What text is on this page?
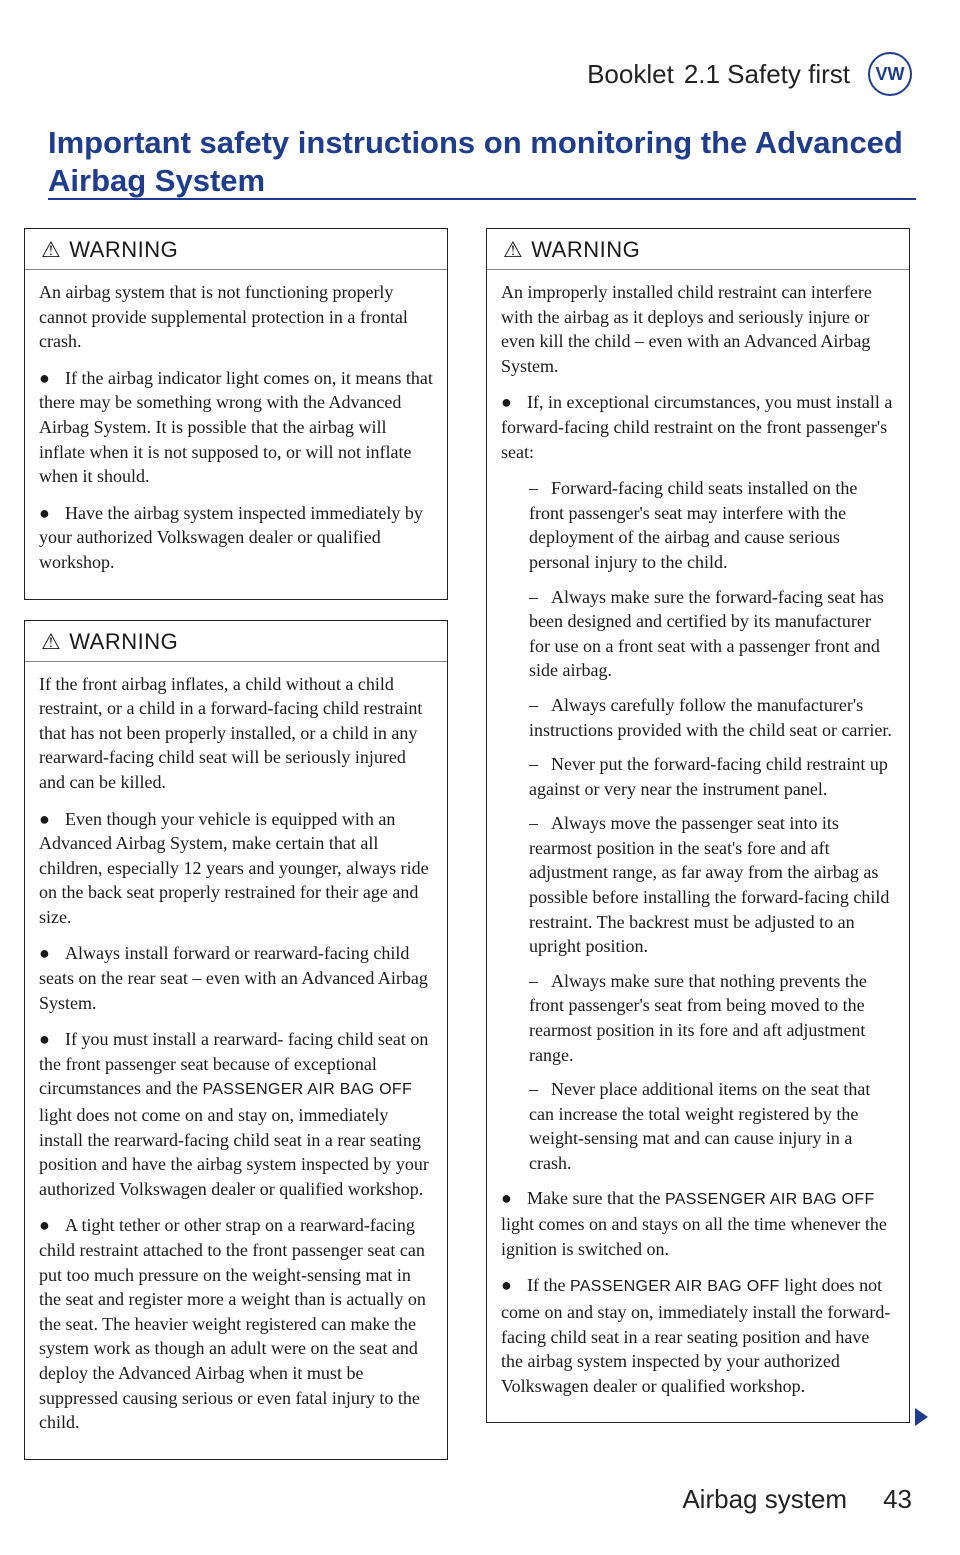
Booklet 2.1 Safety first	VW
Important safety instructions on monitoring the Advanced Airbag System
⚠ WARNING

An airbag system that is not functioning properly cannot provide supplemental protection in a frontal crash.

● If the airbag indicator light comes on, it means that there may be something wrong with the Advanced Airbag System. It is possible that the airbag will inflate when it is not supposed to, or will not inflate when it should.

● Have the airbag system inspected immediately by your authorized Volkswagen dealer or qualified workshop.

⚠ WARNING

If the front airbag inflates, a child without a child restraint, or a child in a forward-facing child restraint that has not been properly installed, or a child in any rearward-facing child seat will be seriously injured and can be killed.

● Even though your vehicle is equipped with an Advanced Airbag System, make certain that all children, especially 12 years and younger, always ride on the back seat properly restrained for their age and size.

● Always install forward or rearward-facing child seats on the rear seat – even with an Advanced Airbag System.

● If you must install a rearward- facing child seat on the front passenger seat because of exceptional circumstances and the PASSENGER AIR BAG OFF light does not come on and stay on, immediately install the rearward-facing child seat in a rear seating position and have the airbag system inspected by your authorized Volkswagen dealer or qualified workshop.

● A tight tether or other strap on a rearward-facing child restraint attached to the front passenger seat can put too much pressure on the weight-sensing mat in the seat and register more a weight than is actually on the seat. The heavier weight registered can make the system work as though an adult were on the seat and deploy the Advanced Airbag when it must be suppressed causing serious or even fatal injury to the child.

⚠ WARNING

An improperly installed child restraint can interfere with the airbag as it deploys and seriously injure or even kill the child – even with an Advanced Airbag System.

● If, in exceptional circumstances, you must install a forward-facing child restraint on the front passenger's seat:

– Forward-facing child seats installed on the front passenger's seat may interfere with the deployment of the airbag and cause serious personal injury to the child.

– Always make sure the forward-facing seat has been designed and certified by its manufacturer for use on a front seat with a passenger front and side airbag.

– Always carefully follow the manufacturer's instructions provided with the child seat or carrier.

– Never put the forward-facing child restraint up against or very near the instrument panel.

– Always move the passenger seat into its rearmost position in the seat's fore and aft adjustment range, as far away from the airbag as possible before installing the forward-facing child restraint. The backrest must be adjusted to an upright position.

– Always make sure that nothing prevents the front passenger's seat from being moved to the rearmost position in its fore and aft adjustment range.

– Never place additional items on the seat that can increase the total weight registered by the weight-sensing mat and can cause injury in a crash.

● Make sure that the PASSENGER AIR BAG OFF light comes on and stays on all the time whenever the ignition is switched on.

● If the PASSENGER AIR BAG OFF light does not come on and stay on, immediately install the forward-facing child seat in a rear seating position and have the airbag system inspected by your authorized Volkswagen dealer or qualified workshop.

Airbag system 43
